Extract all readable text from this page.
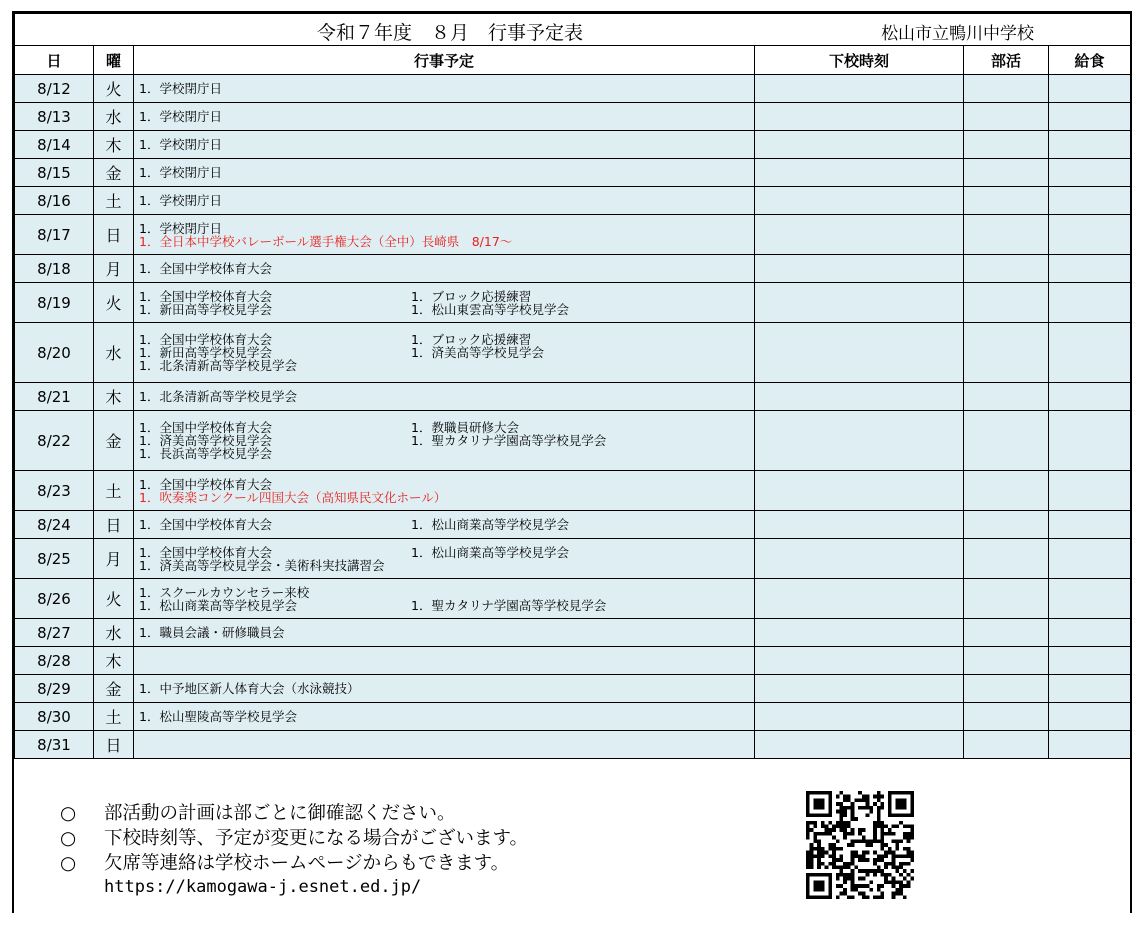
令和７年度　８月　行事予定表 松山市立鴨川中学校					

日	曜	行事予定	下校時刻	部活	給食
8/12	火	1．学校閉庁日			

8/13	水	1．学校閉庁日			

8/14	木	1．学校閉庁日			

8/15	金	1．学校閉庁日			

8/16	土	1．学校閉庁日			

8/17	日	1．学校閉庁日
1．全日本中学校バレーボール選手権大会（全中）長崎県　8/17～			

8/18	月	1．全国中学校体育大会			

8/19	火	1．全国中学校体育大会 1．ブロック応援練習
1．新田高等学校見学会 1．松山東雲高等学校見学会			

8/20	水	1．全国中学校体育大会 1．ブロック応援練習
1．新田高等学校見学会 1．済美高等学校見学会
1．北条清新高等学校見学会			

8/21	木	1．北条清新高等学校見学会			

8/22	金	1．全国中学校体育大会 1．教職員研修大会
1．済美高等学校見学会 1．聖カタリナ学園高等学校見学会
1．長浜高等学校見学会			

8/23	土	1．全国中学校体育大会
1．吹奏楽コンクール四国大会（高知県民文化ホール）			

8/24	日	1．全国中学校体育大会 1．松山商業高等学校見学会			

8/25	月	1．全国中学校体育大会 1．松山商業高等学校見学会
1．済美高等学校見学会・美術科実技講習会			

8/26	火	1．スクールカウンセラー来校
1．松山商業高等学校見学会 1．聖カタリナ学園高等学校見学会			

8/27	水	1．職員会議・研修職員会			

8/28	木				
8/29	金	1．中予地区新人体育大会（水泳競技）			

8/30	土	1．松山聖陵高等学校見学会			

8/31	日				
○ 部活動の計画は部ごとに御確認ください。
○ 下校時刻等、予定が変更になる場合がございます。
○ 欠席等連絡は学校ホームページからもできます。
https://kamogawa-j.esnet.ed.jp/
